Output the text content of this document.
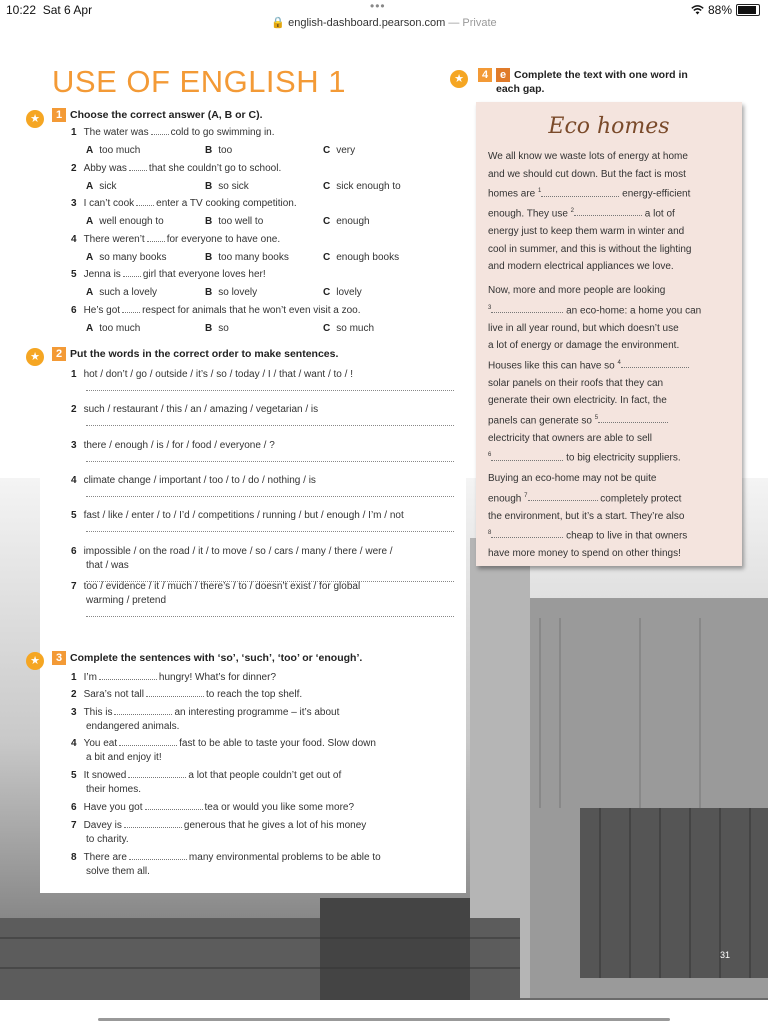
10:22 Sat 6 Apr	•••	88%
🔒 english-dashboard.pearson.com — Private
USE OF ENGLISH 1
★	1 Choose the correct answer (A, B or C).
★	2 Put the words in the correct order to make sentences.
★	3 Complete the sentences with ‘so’, ‘such’, ‘too’ or ‘enough’.
★	4	e Complete the text with one word in
each gap.
Eco homes
We all know we waste lots of energy at home
and we should cut down. But the fact is most
homes are $^1$	energy-efficient
enough. They use $^2$	a lot of
energy just to keep them warm in winter and
cool in summer, and this is without the lighting
and modern electrical appliances we love.
Now, more and more people are looking
$^3$	an eco-home: a home you can
live in all year round, but which doesn’t use
a lot of energy or damage the environment.
Houses like this can have so $^4$
solar panels on their roofs that they can
generate their own electricity. In fact, the
panels can generate so $^5$
electricity that owners are able to sell
$^6$	to big electricity suppliers.
Buying an eco-home may not be quite
enough $^7$	completely protect
the environment, but it’s a start. They’re also
$^8$	cheap to live in that owners
have more money to spend on other things!
31
1 The water was cold to go swimming in.
A too much	B too	C very
2 Abby was that she couldn’t go to school.
A sick	B so sick	C sick enough to
3 I can’t cook enter a TV cooking competition.
A well enough to	B too well to	C enough
4 There weren’t for everyone to have one.
A so many books	B too many books	C enough books
5 Jenna is girl that everyone loves her!
A such a lovely	B so lovely	C lovely
6 He’s got respect for animals that he won’t even visit a zoo.
A too much	B so	C so much
1 hot / don’t / go / outside / it’s / so / today / I / that / want / to / !
2 such / restaurant / this / an / amazing / vegetarian / is
3 there / enough / is / for / food / everyone / ?
4 climate change / important / too / to / do / nothing / is
5 fast / like / enter / to / I’d / competitions / running / but / enough / I’m / not
6 impossible / on the road / it / to move / so / cars / many / there / were /
that / was
7 too / evidence / it / much / there’s / to / doesn’t exist / for global
warming / pretend
1 I’m	hungry! What’s for dinner?
2 Sara’s not tall	to reach the top shelf.
3 This is	an interesting programme – it’s about
endangered animals.
4 You eat	fast to be able to taste your food. Slow down
a bit and enjoy it!
5 It snowed	a lot that people couldn’t get out of
their homes.
6 Have you got	tea or would you like some more?
7 Davey is	generous that he gives a lot of his money
to charity.
8 There are	many environmental problems to be able to
solve them all.
